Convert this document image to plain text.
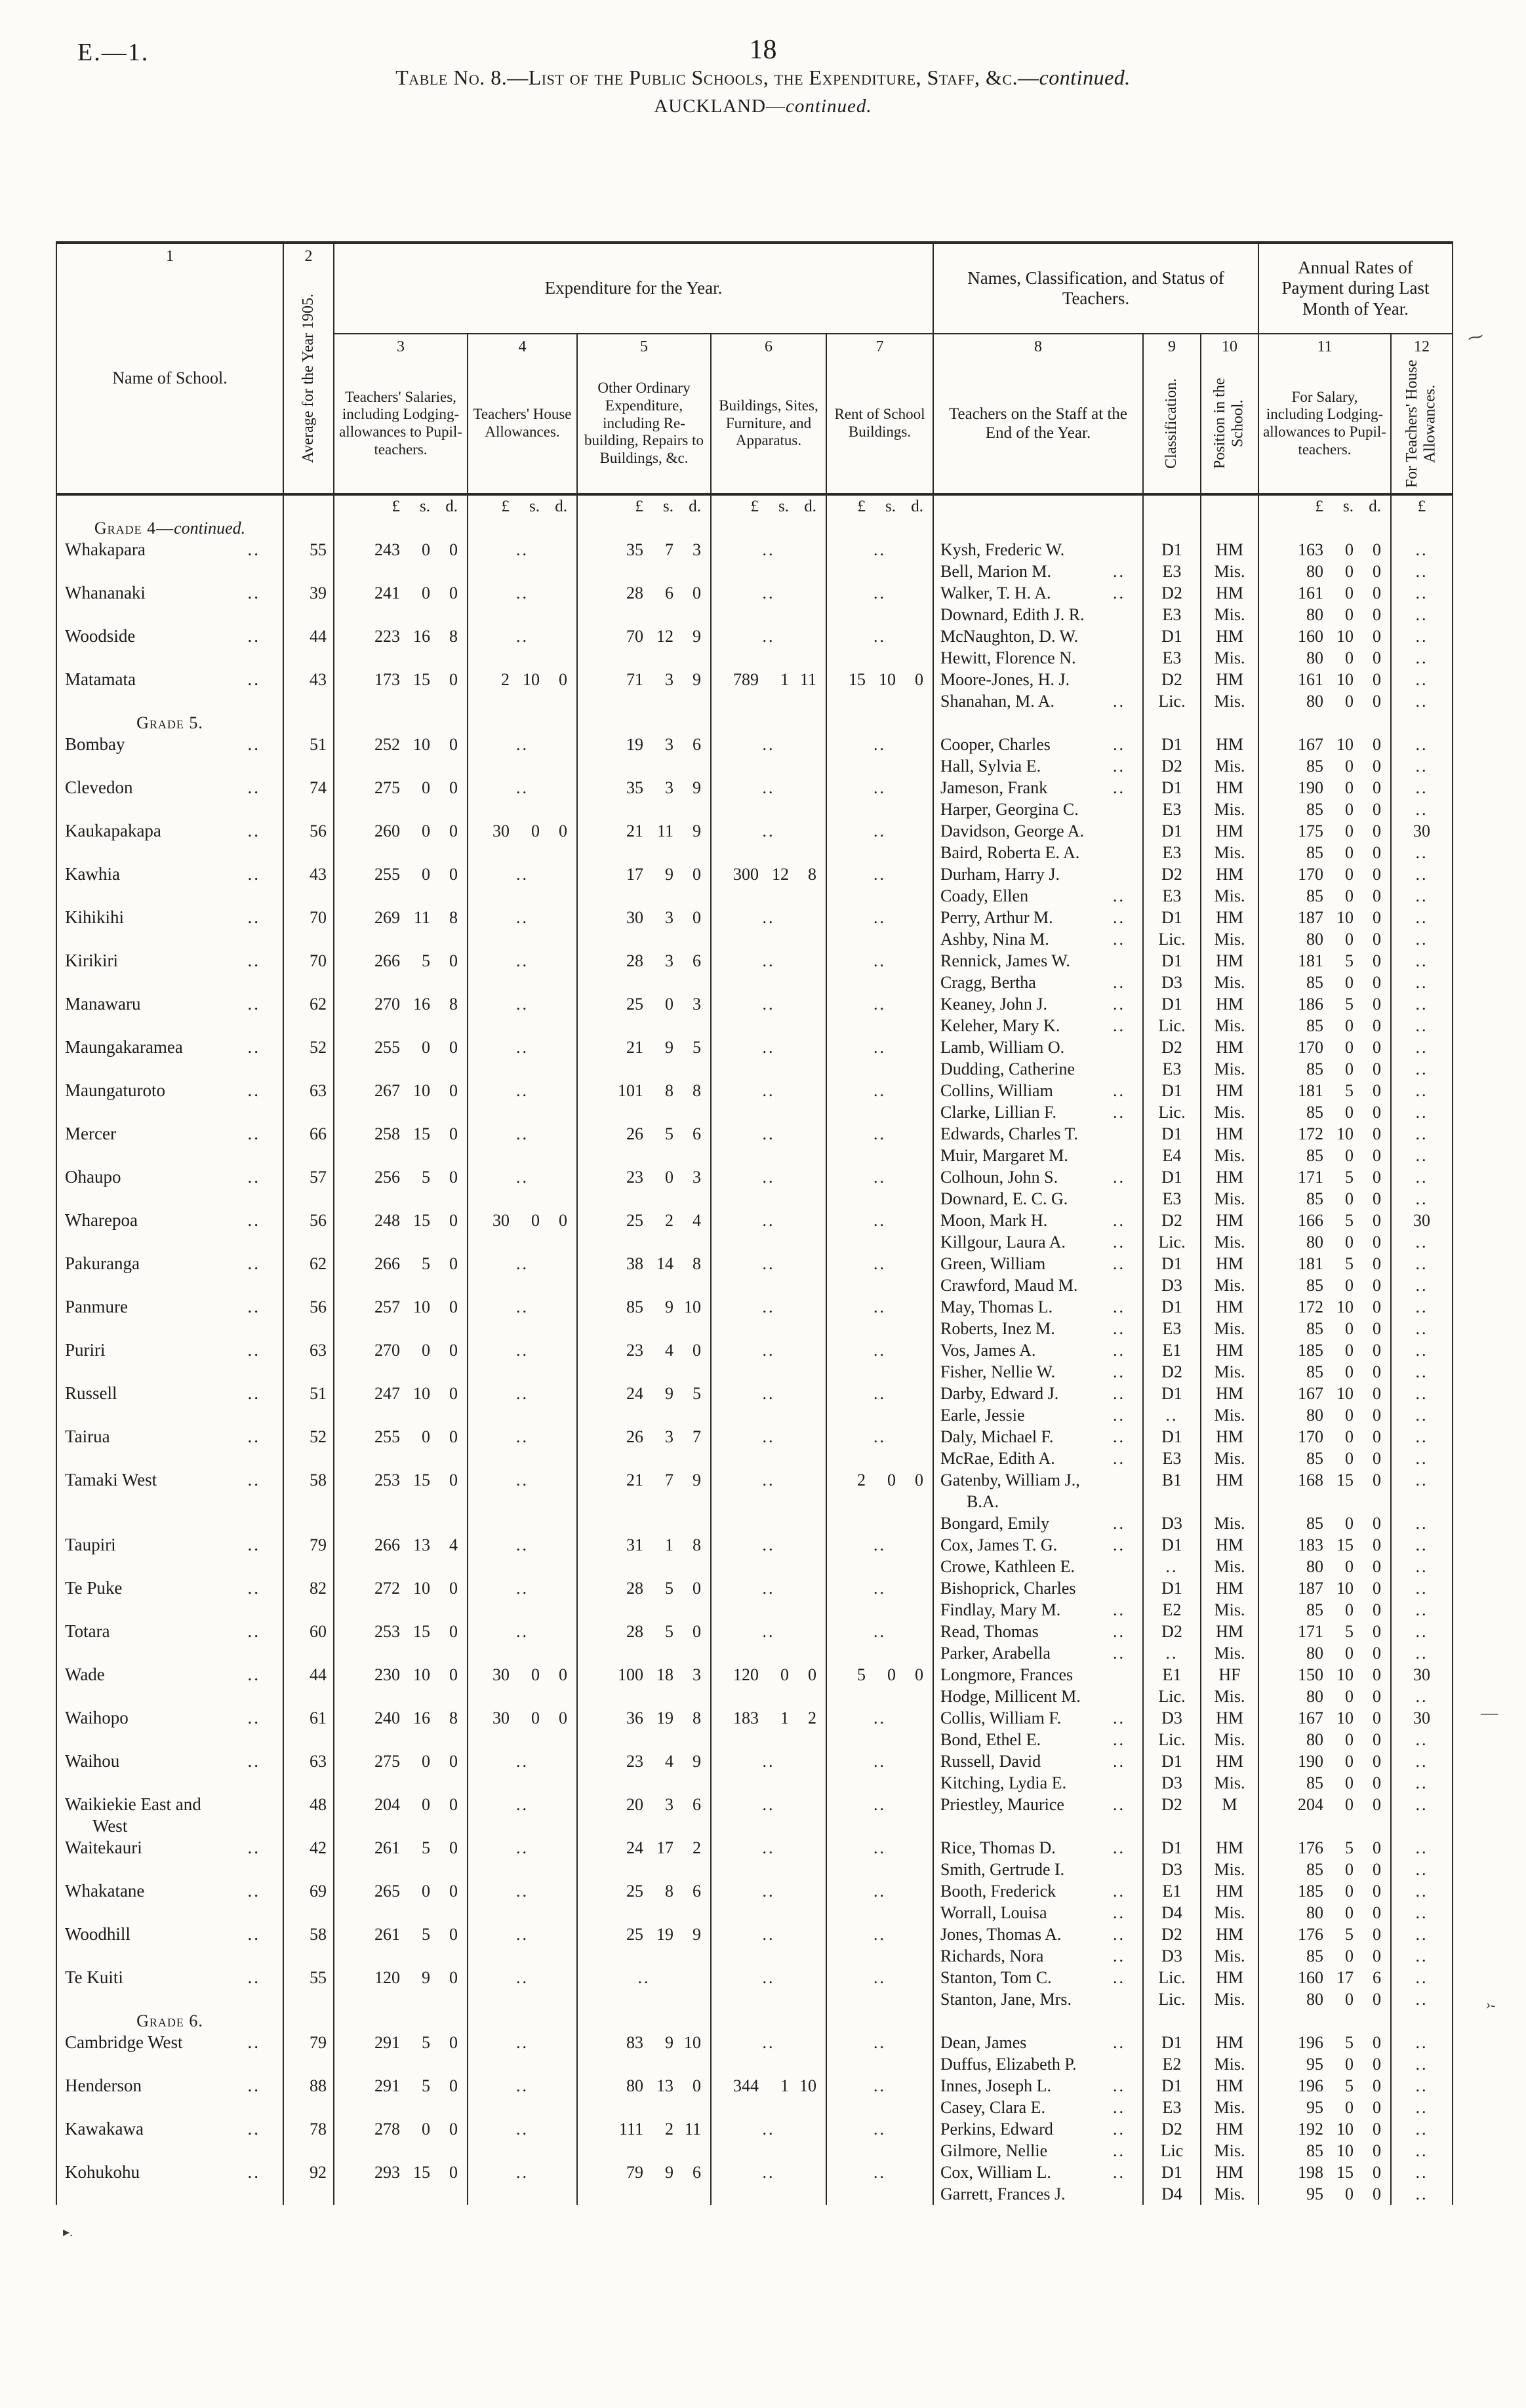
E.—1.	18
Table No. 8.—List of the Public Schools, the Expenditure, Staff, &c.—continued.
AUCKLAND—continued.
1
Name of School.
2
Average for the Year 1905.
Expenditure for the Year.
Names, Classification, and Status of Teachers.
Annual Rates of Payment during Last Month of Year.
3
Teachers' Salaries, including Lodging-allowances to Pupil-teachers.
4
Teachers' House Allowances.
5
Other Ordinary Expenditure, including Re-building, Repairs to Buildings, &c.
6
Buildings, Sites, Furniture, and Apparatus.
7
Rent of School Buildings.
8
Teachers on the Staff at the End of the Year.
9
Classification.
10
Position in the School.
11
For Salary, including Lodging-allowances to Pupil-teachers.
12
For Teachers' House Allowances.
£	s. d.	£	s. d.	£	s. d.	£	s. d.	£	s. d.	£	s. d.	£
Grade 4— continued.
Whakapara	..	55	243	0	0	..	35	7	3	..	..	Kysh, Frederic W.	D1	HM	163	0	0	..
Bell, Marion M.	..	E3	Mis.	80	0	0	..
Whananaki	..	39	241	0	0	..	28	6	0	..	..	Walker, T. H. A.	..	D2	HM	161	0	0	..
Downard, Edith J. R.	E3	Mis.	80	0	0	..
Woodside	..	44	223 16	8	..	70 12	9	..	..	McNaughton, D. W.	D1	HM	160 10	0	..
Hewitt, Florence N.	E3	Mis.	80	0	0	..
Matamata	..	43	173 15	0	2 10	0	71	3	9	789	1 11	15 10	0	Moore-Jones, H. J.	D2	HM	161 10	0	..
Shanahan, M. A.	..	Lic.	Mis.	80	0	0	..
Grade 5.
Bombay	..	51	252 10	0	..	19	3	6	..	..	Cooper, Charles	..	D1	HM	167 10	0	..
Hall, Sylvia E.	..	D2	Mis.	85	0	0	..
Clevedon	..	74	275	0	0	..	35	3	9	..	..	Jameson, Frank	..	D1	HM	190	0	0	..
Harper, Georgina C.	E3	Mis.	85	0	0	..
Kaukapakapa	..	56	260	0	0	30	0	0	21 11	9	..	..	Davidson, George A.	D1	HM	175	0	0	30
Baird, Roberta E. A.	E3	Mis.	85	0	0	..
Kawhia	..	43	255	0	0	..	17	9	0	300 12	8	..	Durham, Harry J.	D2	HM	170	0	0	..
Coady, Ellen	..	E3	Mis.	85	0	0	..
Kihikihi	..	70	269 11	8	..	30	3	0	..	..	Perry, Arthur M.	..	D1	HM	187 10	0	..
Ashby, Nina M.	..	Lic.	Mis.	80	0	0	..
Kirikiri	..	70	266	5	0	..	28	3	6	..	..	Rennick, James W.	D1	HM	181	5	0	..
Cragg, Bertha	..	D3	Mis.	85	0	0	..
Manawaru	..	62	270 16	8	..	25	0	3	..	..	Keaney, John J.	..	D1	HM	186	5	0	..
Keleher, Mary K.	..	Lic.	Mis.	85	0	0	..
Maungakaramea	..	52	255	0	0	..	21	9	5	..	..	Lamb, William O.	D2	HM	170	0	0	..
Dudding, Catherine	E3	Mis.	85	0	0	..
Maungaturoto	..	63	267 10	0	..	101	8	8	..	..	Collins, William	..	D1	HM	181	5	0	..
Clarke, Lillian F.	..	Lic.	Mis.	85	0	0	..
Mercer	..	66	258 15	0	..	26	5	6	..	..	Edwards, Charles T.	D1	HM	172 10	0	..
Muir, Margaret M.	E4	Mis.	85	0	0	..
Ohaupo	..	57	256	5	0	..	23	0	3	..	..	Colhoun, John S.	..	D1	HM	171	5	0	..
Downard, E. C. G.	E3	Mis.	85	0	0	..
Wharepoa	..	56	248 15	0	30	0	0	25	2	4	..	..	Moon, Mark H.	..	D2	HM	166	5	0	30
Killgour, Laura A.	..	Lic.	Mis.	80	0	0	..
Pakuranga	..	62	266	5	0	..	38 14	8	..	..	Green, William	..	D1	HM	181	5	0	..
Crawford, Maud M.	D3	Mis.	85	0	0	..
Panmure	..	56	257 10	0	..	85	9 10	..	..	May, Thomas L.	..	D1	HM	172 10	0	..
Roberts, Inez M.	..	E3	Mis.	85	0	0	..
Puriri	..	63	270	0	0	..	23	4	0	..	..	Vos, James A.	..	E1	HM	185	0	0	..
Fisher, Nellie W.	..	D2	Mis.	85	0	0	..
Russell	..	51	247 10	0	..	24	9	5	..	..	Darby, Edward J.	..	D1	HM	167 10	0	..
Earle, Jessie	..	..	Mis.	80	0	0	..
Tairua	..	52	255	0	0	..	26	3	7	..	..	Daly, Michael F.	..	D1	HM	170	0	0	..
McRae, Edith A.	..	E3	Mis.	85	0	0	..
Tamaki West	..	58	253 15	0	..	21	7	9	..	2	0	0	Gatenby, William J.,	B1	HM	168 15	0	..
B.A.
Bongard, Emily	..	D3	Mis.	85	0	0	..
Taupiri	..	79	266 13	4	..	31	1	8	..	..	Cox, James T. G.	..	D1	HM	183 15	0	..
Crowe, Kathleen E.	..	Mis.	80	0	0	..
Te Puke	..	82	272 10	0	..	28	5	0	..	..	Bishoprick, Charles	D1	HM	187 10	0	..
Findlay, Mary M.	..	E2	Mis.	85	0	0	..
Totara	..	60	253 15	0	..	28	5	0	..	..	Read, Thomas	..	D2	HM	171	5	0	..
Parker, Arabella	..	..	Mis.	80	0	0	..
Wade	..	44	230 10	0	30	0	0	100 18	3	120	0	0	5	0	0	Longmore, Frances	E1	HF	150 10	0	30
Hodge, Millicent M.	Lic.	Mis.	80	0	0	..
Waihopo	..	61	240 16	8	30	0	0	36 19	8	183	1	2	..	Collis, William F.	..	D3	HM	167 10	0	30
Bond, Ethel E.	..	Lic.	Mis.	80	0	0	..
Waihou	..	63	275	0	0	..	23	4	9	..	..	Russell, David	..	D1	HM	190	0	0	..
Kitching, Lydia E.	D3	Mis.	85	0	0	..
Waikiekie East and	48	204	0	0	..	20	3	6	..	..	Priestley, Maurice	..	D2	M	204	0	0	..
West
Waitekauri	..	42	261	5	0	..	24 17	2	..	..	Rice, Thomas D.	..	D1	HM	176	5	0	..
Smith, Gertrude I.	D3	Mis.	85	0	0	..
Whakatane	..	69	265	0	0	..	25	8	6	..	..	Booth, Frederick	..	E1	HM	185	0	0	..
Worrall, Louisa	..	D4	Mis.	80	0	0	..
Woodhill	..	58	261	5	0	..	25 19	9	..	..	Jones, Thomas A.	..	D2	HM	176	5	0	..
Richards, Nora	..	D3	Mis.	85	0	0	..
Te Kuiti	..	55	120	9	0	..	..	..	..	Stanton, Tom C.	..	Lic.	HM	160 17	6	..
Stanton, Jane, Mrs.	Lic.	Mis.	80	0	0	..
Grade 6.
Cambridge West	..	79	291	5	0	..	83	9 10	..	..	Dean, James	..	D1	HM	196	5	0	..
Duffus, Elizabeth P.	E2	Mis.	95	0	0	..
Henderson	..	88	291	5	0	..	80 13	0	344	1 10	..	Innes, Joseph L.	..	D1	HM	196	5	0	..
Casey, Clara E.	..	E3	Mis.	95	0	0	..
Kawakawa	..	78	278	0	0	..	111	2 11	..	..	Perkins, Edward	..	D2	HM	192 10	0	..
Gilmore, Nellie	..	Lic	Mis.	85 10	0	..
Kohukohu	..	92	293 15	0	..	79	9	6	..	..	Cox, William L.	..	D1	HM	198 15	0	..
Garrett, Frances J.	D4	Mis.	95	0	0	..
▸.
⁓
—
›-
